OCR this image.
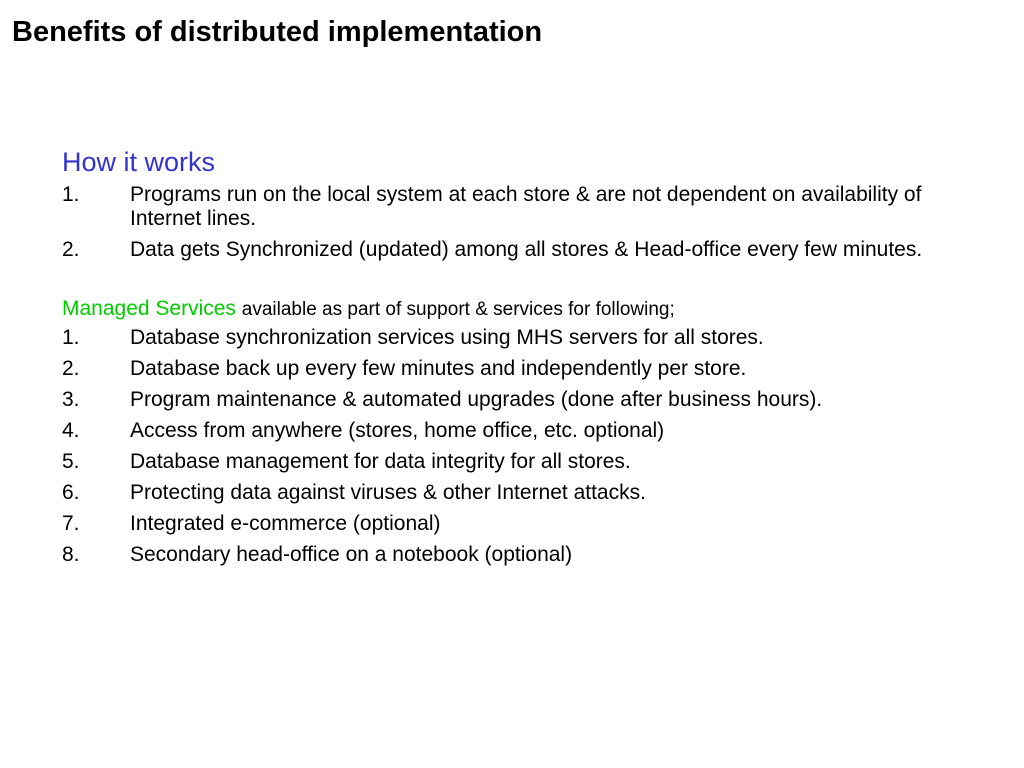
Benefits of distributed implementation
How it works
1. Programs run on the local system at each store & are not dependent on availability of Internet lines.
2. Data gets Synchronized (updated) among all stores & Head-office every few minutes.
Managed Services available as part of support & services for following;
1. Database synchronization services using MHS servers for all stores.
2. Database back up every few minutes and independently per store.
3. Program maintenance & automated upgrades (done after business hours).
4. Access from anywhere (stores, home office, etc. optional)
5. Database management for data integrity for all stores.
6. Protecting data against viruses & other Internet attacks.
7. Integrated e-commerce (optional)
8. Secondary head-office on a notebook (optional)
